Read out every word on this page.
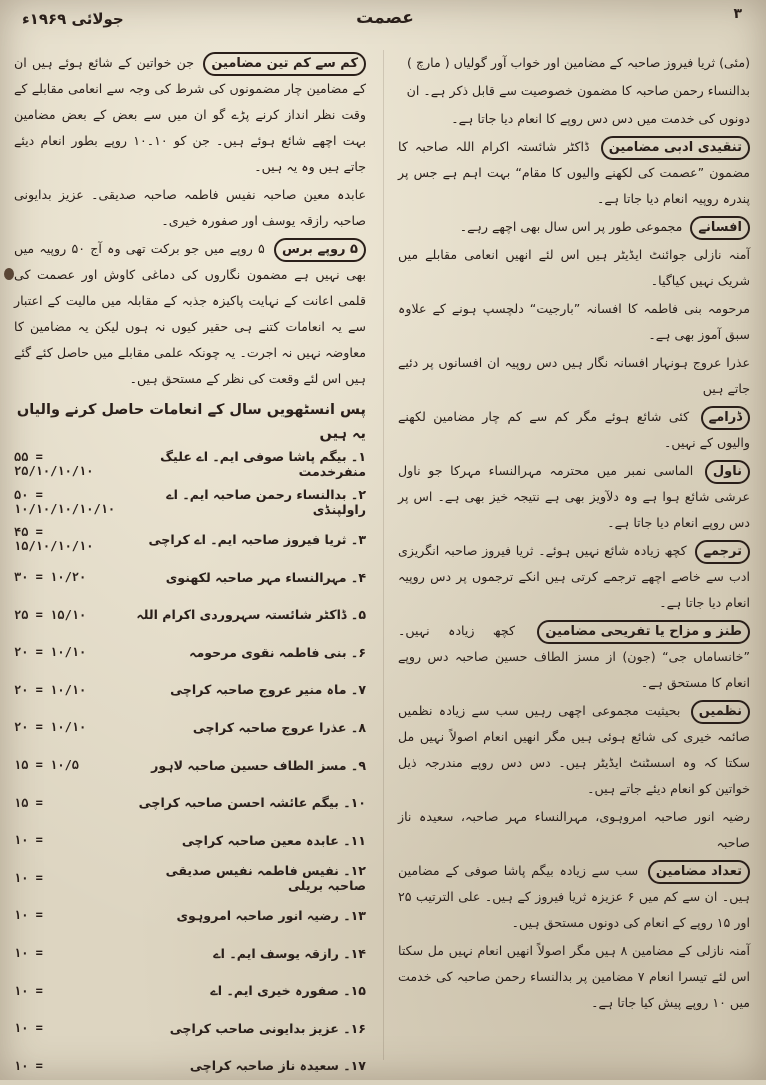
جولائی ۱۹۶۹ء	عصمت	۳

(مئی) ثریا فیروز صاحبہ کے مضامین اور خواب آور گولیاں ( مارچ )

بدالنساء رحمن صاحبہ کا مضمون خصوصیت سے قابل ذکر ہے۔ ان

دونوں کی خدمت میں دس دس روپے کا انعام دیا جاتا ہے۔

تنقیدی ادبی مضامین ڈاکٹر شائستہ اکرام اللہ صاحبہ کا مضمون ”عصمت کی لکھنے والیوں کا مقام“ بہت اہم ہے جس پر پندرہ روپیہ انعام دیا جاتا ہے۔

افسانے مجموعی طور پر اس سال بھی اچھے رہے۔

آمنہ نازلی جوائنٹ ایڈیٹر ہیں اس لئے انھیں انعامی مقابلے میں شریک نہیں کیاگیا۔

مرحومہ بنی فاطمہ کا افسانہ ”بارجیت“ دلچسپ ہونے کے علاوہ سبق آموز بھی ہے۔

عذرا عروج ہونہار افسانہ نگار ہیں دس روپیہ ان افسانوں پر دئیے جاتے ہیں

ڈرامے کئی شائع ہوئے مگر کم سے کم چار مضامین لکھنے والیوں کے نہیں۔

ناول الماسی نمبر میں محترمہ مہرالنساء مہرکا جو ناول عرشی شائع ہوا ہے وہ دلآویز بھی ہے نتیجہ خیز بھی ہے۔ اس پر دس روپے انعام دیا جاتا ہے۔

ترجمے کچھ زیادہ شائع نہیں ہوئے۔ ثریا فیروز صاحبہ انگریزی ادب سے خاصے اچھے ترجمے کرتی ہیں انکے ترجموں پر دس روپیہ انعام دیا جاتا ہے۔

طنز و مزاح یا تفریحی مضامین کچھ زیادہ نہیں۔ ”خانساماں جی“ (جون) از مسز الطاف حسین صاحبہ دس روپے انعام کا مستحق ہے۔

نظمیں بحیثیت مجموعی اچھی رہیں سب سے زیادہ نظمیں صائمہ خیری کی شائع ہوئی ہیں مگر انھیں انعام اصولاً نہیں مل سکتا کہ وہ اسسٹنٹ ایڈیٹر ہیں۔ دس دس روپے مندرجہ ذیل خواتین کو انعام دیئے جاتے ہیں۔

رضیہ انور صاحبہ امروہوی، مہرالنساء مہر صاحبہ، سعیدہ ناز صاحبہ

تعداد مضامین سب سے زیادہ بیگم پاشا صوفی کے مضامین ہیں۔ ان سے کم میں ۶ عزیزہ ثریا فیروز کے ہیں۔ علی الترتیب ۲۵ اور ۱۵ روپے کے انعام کی دونوں مستحق ہیں۔

آمنہ نازلی کے مضامین ۸ ہیں مگر اصولاً انھیں انعام نہیں مل سکتا اس لئے تیسرا انعام ۷ مضامین پر بدالنساء رحمن صاحبہ کی خدمت میں ۱۰ روپے پیش کیا جاتا ہے۔

کم سے کم تین مضامین جن خواتین کے شائع ہوئے ہیں ان کے مضامین چار مضمونوں کی شرط کی وجہ سے انعامی مقابلے کے وقت نظر انداز کرنے پڑے گو ان میں سے بعض کے بعض مضامین بہت اچھے شائع ہوئے ہیں۔ جن کو ۱۰۔۱۰ روپے بطور انعام دیئے جاتے ہیں وہ یہ ہیں۔

عابدہ معین صاحبہ نفیس فاطمہ صاحبہ صدیقی۔ عزیز بدایونی صاحبہ رازقہ یوسف اور صفورہ خیری۔

۵ روپے برس ۵ روپے میں جو برکت تھی وہ آج ۵۰ روپیہ میں بھی نہیں ہے مضمون نگاروں کی دماغی کاوش اور عصمت کی قلمی اعانت کے نہایت پاکیزہ جذبہ کے مقابلہ میں مالیت کے اعتبار سے یہ انعامات کتنے ہی حقیر کیوں نہ ہوں لیکن یہ مضامین کا معاوضہ نہیں نہ اجرت۔ یہ چونکہ علمی مقابلے میں حاصل کئے گئے ہیں اس لئے وقعت کی نظر کے مستحق ہیں۔

پس انسٹھویں سال کے انعامات حاصل کرنے والیاں یہ ہیں
۱۔ بیگم پاشا صوفی ایم۔ اے علیگ منفرخدمت
۵۵ = ۲۵/۱۰/۱۰/۱۰
۲۔ بدالنساء رحمن صاحبہ ایم۔ اے راولپنڈی
۵۰ = ۱۰/۱۰/۱۰/۱۰/۱۰
۳۔ ثریا فیروز صاحبہ ایم۔ اے کراچی
۴۵ = ۱۵/۱۰/۱۰/۱۰
۴۔ مہرالنساء مہر صاحبہ لکھنوی
۳۰ = ۱۰/۲۰
۵۔ ڈاکٹر شائستہ سہروردی اکرام اللہ
۲۵ = ۱۵/۱۰
۶۔ بنی فاطمہ نقوی مرحومہ
۲۰ = ۱۰/۱۰
۷۔ ماہ منیر عروج صاحبہ کراچی
۲۰ = ۱۰/۱۰
۸۔ عذرا عروج صاحبہ کراچی
۲۰ = ۱۰/۱۰
۹۔ مسز الطاف حسین صاحبہ لاہور
۱۵ = ۱۰/۵
۱۰۔ بیگم عائشہ احسن صاحبہ کراچی
۱۵ =
۱۱۔ عابدہ معین صاحبہ کراچی
۱۰ =
۱۲۔ نفیس فاطمہ نفیس صدیقی صاحبہ بریلی
۱۰ =
۱۳۔ رضیہ انور صاحبہ امروہوی
۱۰ =
۱۴۔ رازقہ یوسف ایم۔ اے
۱۰ =
۱۵۔ صفورہ خیری ایم۔ اے
۱۰ =
۱۶۔ عزیز بدایونی صاحب کراچی
۱۰ =
۱۷۔ سعیدہ ناز صاحبہ کراچی
۱۰ =
